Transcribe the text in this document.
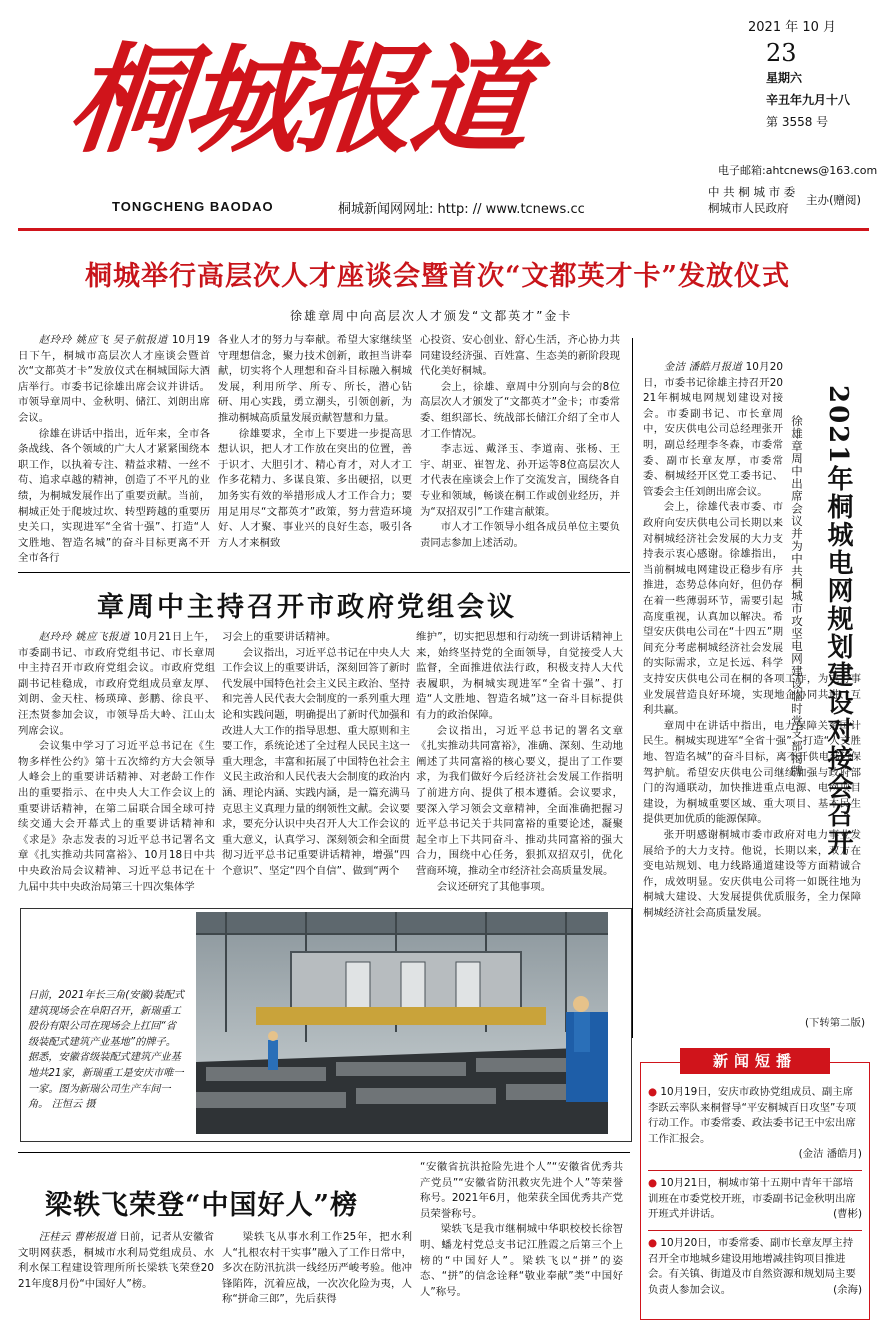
桐城报道
TONGCHENG BAODAO	桐城新闻网网址: http: // www.tcnews.cc
2021 年 10 月
23
星期六
辛丑年九月十八
第 3558 号
电子邮箱:ahtcnews@163.com
中 共 桐 城 市 委
桐城市人民政府
主办(赠阅)
桐城举行高层次人才座谈会暨首次“文都英才卡”发放仪式
徐雄章周中向高层次人才颁发“文都英才”金卡

赵玲玲 姚应飞 吴子航报道 10月19日下午，桐城市高层次人才座谈会暨首次“文都英才卡”发放仪式在桐城国际大酒店举行。市委书记徐雄出席会议并讲话。市领导章周中、金秋明、储江、刘朗出席会议。

徐雄在讲话中指出，近年来，全市各条战线、各个领域的广大人才紧紧围绕本职工作，以执着专注、精益求精、一丝不苟、追求卓越的精神，创造了不平凡的业绩，为桐城发展作出了重要贡献。当前，桐城正处于爬坡过坎、转型跨越的重要历史关口，实现进军“全省十强”、打造“人文胜地、智造名城”的奋斗目标更离不开全市各行

各业人才的努力与奉献。希望大家继续坚守理想信念，聚力技术创新，敢担当讲奉献，切实将个人理想和奋斗目标融入桐城发展，利用所学、所专、所长，潜心钻研、用心实践，勇立潮头，引领创新，为推动桐城高质量发展贡献智慧和力量。

徐雄要求，全市上下要进一步提高思想认识，把人才工作放在突出的位置，善于识才、大胆引才、精心育才，对人才工作多花精力、多谋良策、多出硬招，以更加务实有效的举措形成人才工作合力；要用足用尽“文都英才”政策，努力营造环境好、人才聚、事业兴的良好生态，吸引各方人才来桐致

心投资、安心创业、舒心生活，齐心协力共同建设经济强、百姓富、生态美的新阶段现代化美好桐城。

会上，徐雄、章周中分别向与会的8位高层次人才颁发了“文都英才”金卡；市委常委、组织部长、统战部长储江介绍了全市人才工作情况。

李志远、戴泽玉、李道南、张杨、王宇、胡亚、崔智龙、孙开运等8位高层次人才代表在座谈会上作了交流发言，围绕各自专业和领域，畅谈在桐工作或创业经历，并为“双招双引”工作建言献策。

市人才工作领导小组各成员单位主要负责同志参加上述活动。

金洁 潘皓月报道 10月20日，市委书记徐雄主持召开2021年桐城电网规划建设对接会。市委副书记、市长章周中，安庆供电公司总经理张开明，副总经理李冬森，市委常委、副市长章友厚，市委常委、桐城经开区党工委书记、管委会主任刘朗出席会议。

会上，徐雄代表市委、市政府向安庆供电公司长期以来对桐城经济社会发展的大力支持表示衷心感谢。徐雄指出，当前桐城电网建设正稳步有序推进，态势总体向好，但仍存在着一些薄弱环节，需要引起高度重视，认真加以解决。希望安庆供电公司在“十四五”期间充分考虑桐城经济社会发展的实际需求，立足长远、科学 2021年桐城电网规划建设对接会召开
徐雄章周中出席会议并为中共桐城市攻坚电网建设临时党支部揭牌

支持安庆供电公司在桐的各项工作，为电力事业发展营造良好环境，实现地企协同共进、互利共赢。

章周中在讲话中指出，电力保障关系国计民生。桐城实现进军“全省十强”、打造“人文胜地、智造名城”的奋斗目标，离不开供电部门保驾护航。希望安庆供电公司继续加强与政府部门的沟通联动，加快推进重点电源、电网项目建设，为桐城重要区域、重大项目、基本民生提供更加优质的能源保障。

张开明感谢桐城市委市政府对电力事业发展给予的大力支持。他说，长期以来，双方在变电站规划、电力线路通道建设等方面精诚合作，成效明显。安庆供电公司将一如既往地为桐城大建设、大发展提供优质服务，全力保障桐城经济社会高质量发展。

(下转第二版)
章周中主持召开市政府党组会议

赵玲玲 姚应飞报道 10月21日上午，市委副书记、市政府党组书记、市长章周中主持召开市政府党组会议。市政府党组副书记桂稳成，市政府党组成员章友厚、刘朗、金天柱、杨瑛璋、彭鹏、徐良平、汪杰贤参加会议，市领导岳大岭、江山太列席会议。

会议集中学习了习近平总书记在《生物多样性公约》第十五次缔约方大会领导人峰会上的重要讲话精神、对老龄工作作出的重要指示、在中央人大工作会议上的重要讲话精神，在第二届联合国全球可持续交通大会开幕式上的重要讲话精神和《求是》杂志发表的习近平总书记署名文章《扎实推动共同富裕》、10月18日中共中央政治局会议精神、习近平总书记在十九届中共中央政治局第三十四次集体学

习会上的重要讲话精神。

会议指出，习近平总书记在中央人大工作会议上的重要讲话，深刻回答了新时代发展中国特色社会主义民主政治、坚持和完善人民代表大会制度的一系列重大理论和实践问题，明确提出了新时代加强和改进人大工作的指导思想、重大原则和主要工作，系统论述了全过程人民民主这一重大理念，丰富和拓展了中国特色社会主义民主政治和人民代表大会制度的政治内涵、理论内涵、实践内涵，是一篇充满马克思主义真理力量的纲领性文献。会议要求，要充分认识中央召开人大工作会议的重大意义，认真学习、深刻领会和全面贯彻习近平总书记重要讲话精神，增强“四个意识”、坚定“四个自信”、做到“两个

维护”，切实把思想和行动统一到讲话精神上来，始终坚持党的全面领导，自觉接受人大监督，全面推进依法行政，积极支持人大代表履职，为桐城实现进军“全省十强”、打造“人文胜地、智造名城”这一奋斗目标提供有力的政治保障。

会议指出，习近平总书记的署名文章《扎实推动共同富裕》，准确、深刻、生动地阐述了共同富裕的核心要义，提出了工作要求，为我们做好今后经济社会发展工作指明了前进方向、提供了根本遵循。会议要求，要深入学习领会文章精神，全面准确把握习近平总书记关于共同富裕的重要论述，凝聚起全市上下共同奋斗、推动共同富裕的强大合力，围绕中心任务，狠抓双招双引，优化营商环境，推动全市经济社会高质量发展。

会议还研究了其他事项。

日前，2021年长三角(安徽)装配式建筑现场会在阜阳召开，新瑞重工股份有限公司在现场会上扛回“省级装配式建筑产业基地”的牌子。据悉，安徽省级装配式建筑产业基地共21家，新瑞重工是安庆市唯一一家。图为新瑞公司生产车间一角。 汪恒云 摄
梁轶飞荣登“中国好人”榜

汪桂云 曹彬报道 日前，记者从安徽省文明网获悉，桐城市水利局党组成员、水利水保工程建设管理所所长梁轶飞荣登2021年度8月份“中国好人”榜。

梁轶飞从事水利工作25年，把水利人“扎根农村干实事”融入了工作日常中，多次在防汛抗洪一线经历严峻考验。他冲锋陷阵，沉着应战，一次次化险为夷，人称“拼命三郎”，先后获得

“安徽省抗洪抢险先进个人”“安徽省优秀共产党员”“安徽省防汛救灾先进个人”等荣誉称号。2021年6月，他荣获全国优秀共产党员荣誉称号。

梁轶飞是我市继桐城中华职校校长徐智明、蟠龙村党总支书记江胜霞之后第三个上榜的“中国好人”。梁轶飞以“拼”的姿态、“拼”的信念诠释“敬业奉献”类“中国好人”称号。

新闻短播
● 10月19日，安庆市政协党组成员、副主席李跃云率队来桐督导“平安桐城百日攻坚”专项行动工作。市委常委、政法委书记王中宏出席工作汇报会。
(金洁 潘皓月)
● 10月21日，桐城市第十五期中青年干部培训班在市委党校开班，市委副书记金秋明出席开班式并讲话。	(曹彬)
● 10月20日，市委常委、副市长章友厚主持召开全市地城乡建设用地增减挂钩项目推进会。有关镇、街道及市自然资源和规划局主要负责人参加会议。	(余海)
